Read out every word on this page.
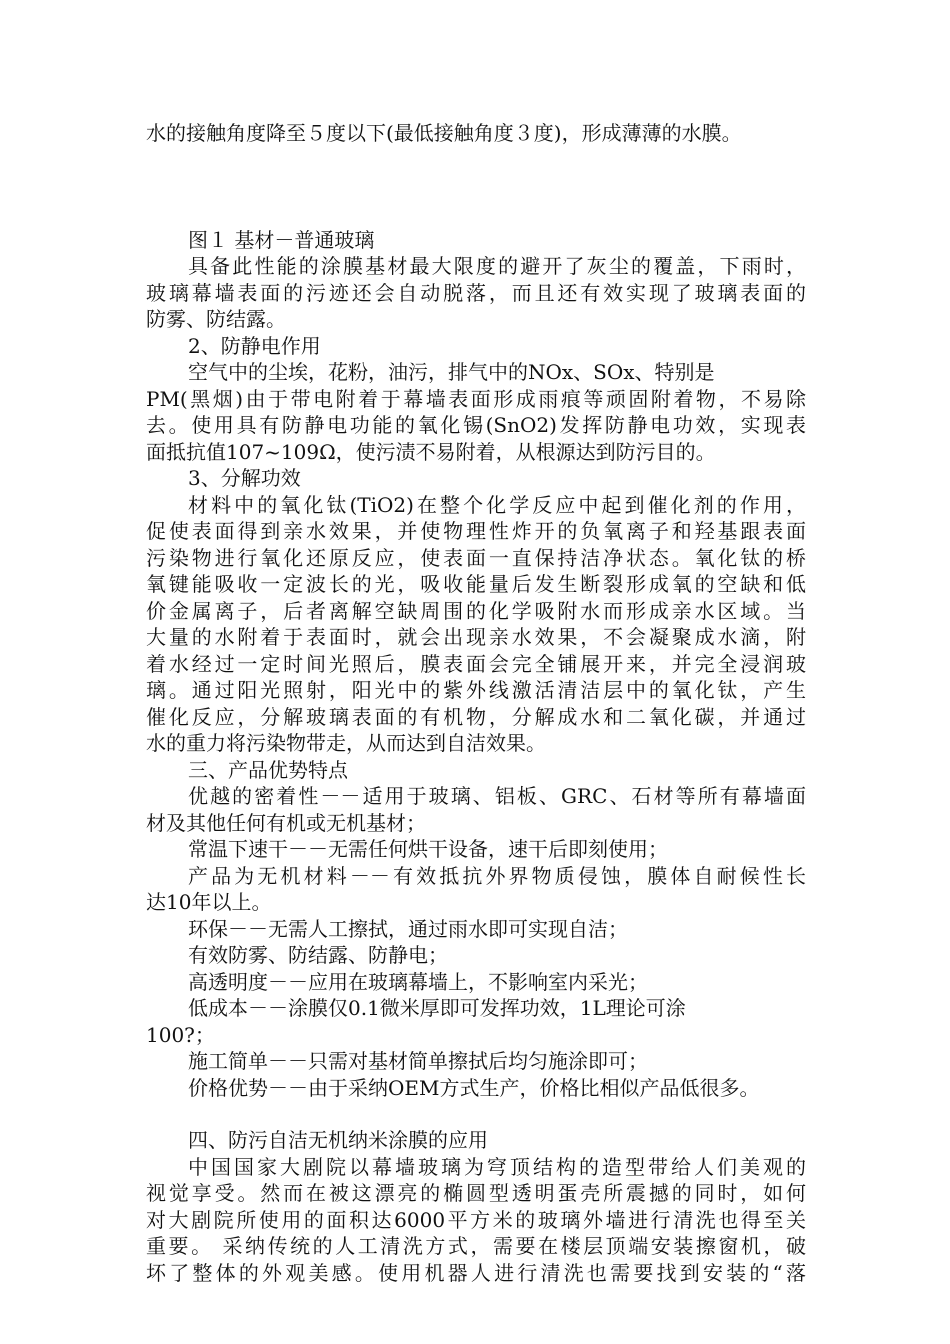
水的接触角度降至５度以下(最低接触角度３度)，形成薄薄的水膜。
图１ 基材－普通玻璃
具备此性能的涂膜基材最大限度的避开了灰尘的覆盖，下雨时，
玻璃幕墙表面的污迹还会自动脱落，而且还有效实现了玻璃表面的
防雾、防结露。
2、防静电作用
空气中的尘埃，花粉，油污，排气中的NOx、SOx、特别是
PM(黑烟)由于带电附着于幕墙表面形成雨痕等顽固附着物，不易除
去。使用具有防静电功能的氧化锡(SnO2)发挥防静电功效，实现表
面抵抗值107~109Ω，使污渍不易附着，从根源达到防污目的。
3、分解功效
材料中的氧化钛(TiO2)在整个化学反应中起到催化剂的作用，
促使表面得到亲水效果，并使物理性炸开的负氧离子和羟基跟表面
污染物进行氧化还原反应，使表面一直保持洁净状态。氧化钛的桥
氧键能吸收一定波长的光，吸收能量后发生断裂形成氧的空缺和低
价金属离子，后者离解空缺周围的化学吸附水而形成亲水区域。当
大量的水附着于表面时，就会出现亲水效果，不会凝聚成水滴，附
着水经过一定时间光照后，膜表面会完全铺展开来，并完全浸润玻
璃。通过阳光照射，阳光中的紫外线激活清洁层中的氧化钛，产生
催化反应，分解玻璃表面的有机物，分解成水和二氧化碳，并通过
水的重力将污染物带走，从而达到自洁效果。
三、产品优势特点
优越的密着性－－适用于玻璃、铝板、GRC、石材等所有幕墙面
材及其他任何有机或无机基材；
常温下速干－－无需任何烘干设备，速干后即刻使用；
产品为无机材料－－有效抵抗外界物质侵蚀，膜体自耐候性长
达10年以上。
环保－－无需人工擦拭，通过雨水即可实现自洁；
有效防雾、防结露、防静电；
高透明度－－应用在玻璃幕墙上，不影响室内采光；
低成本－－涂膜仅0.1微米厚即可发挥功效，1L理论可涂
100?；
施工简单－－只需对基材简单擦拭后均匀施涂即可；
价格优势－－由于采纳OEM方式生产，价格比相似产品低很多。
四、防污自洁无机纳米涂膜的应用
中国国家大剧院以幕墙玻璃为穹顶结构的造型带给人们美观的
视觉享受。然而在被这漂亮的椭圆型透明蛋壳所震撼的同时，如何
对大剧院所使用的面积达6000平方米的玻璃外墙进行清洗也得至关
重要。 采纳传统的人工清洗方式，需要在楼层顶端安装擦窗机，破
坏了整体的外观美感。使用机器人进行清洗也需要找到安装的“落
